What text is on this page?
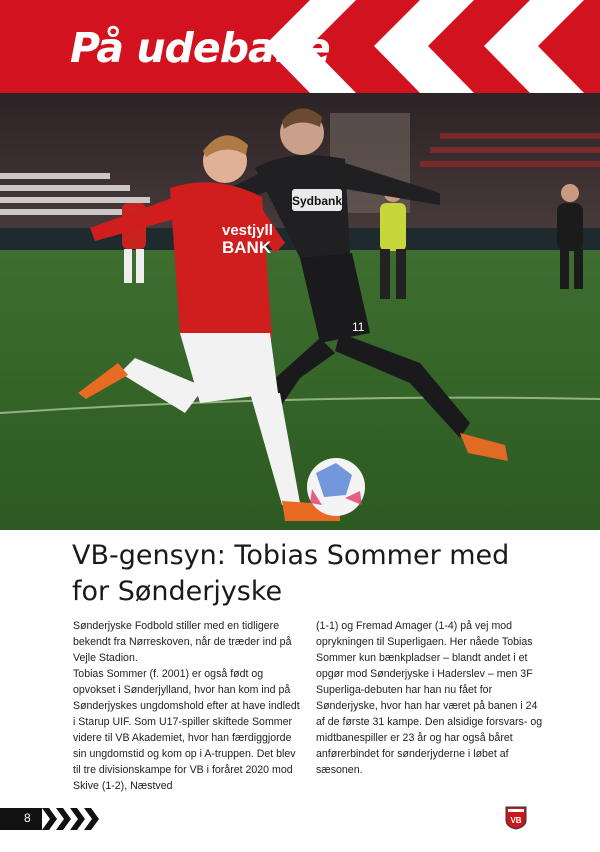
På udebane
Sydbank
11
vestjyll
BANK
VB-gensyn: Tobias Sommer med for Sønderjyske

Sønderjyske Fodbold stiller med en tidligere bekendt fra Nørreskoven, når de træder ind på Vejle Stadion.

Tobias Sommer (f. 2001) er også født og opvokset i Sønderjylland, hvor han kom ind på Sønderjyskes ungdomshold efter at have indledt i Starup UIF. Som U17-spiller skiftede Sommer videre til VB Akademiet, hvor han færdiggjorde sin ungdomstid og kom op i A-truppen. Det blev til tre divisionskampe for VB i foråret 2020 mod Skive (1-2), Næstved

(1-1) og Fremad Amager (1-4) på vej mod oprykningen til Superligaen. Her nåede Tobias Sommer kun bænkpladser – blandt andet i et opgør mod Sønderjyske i Haderslev – men 3F Superliga-debuten har han nu fået for Sønderjyske, hvor han har været på banen i 24 af de første 31 kampe. Den alsidige forsvars- og midtbanespiller er 23 år og har også båret anførerbindet for sønderjyderne i løbet af sæsonen.

8	VB
